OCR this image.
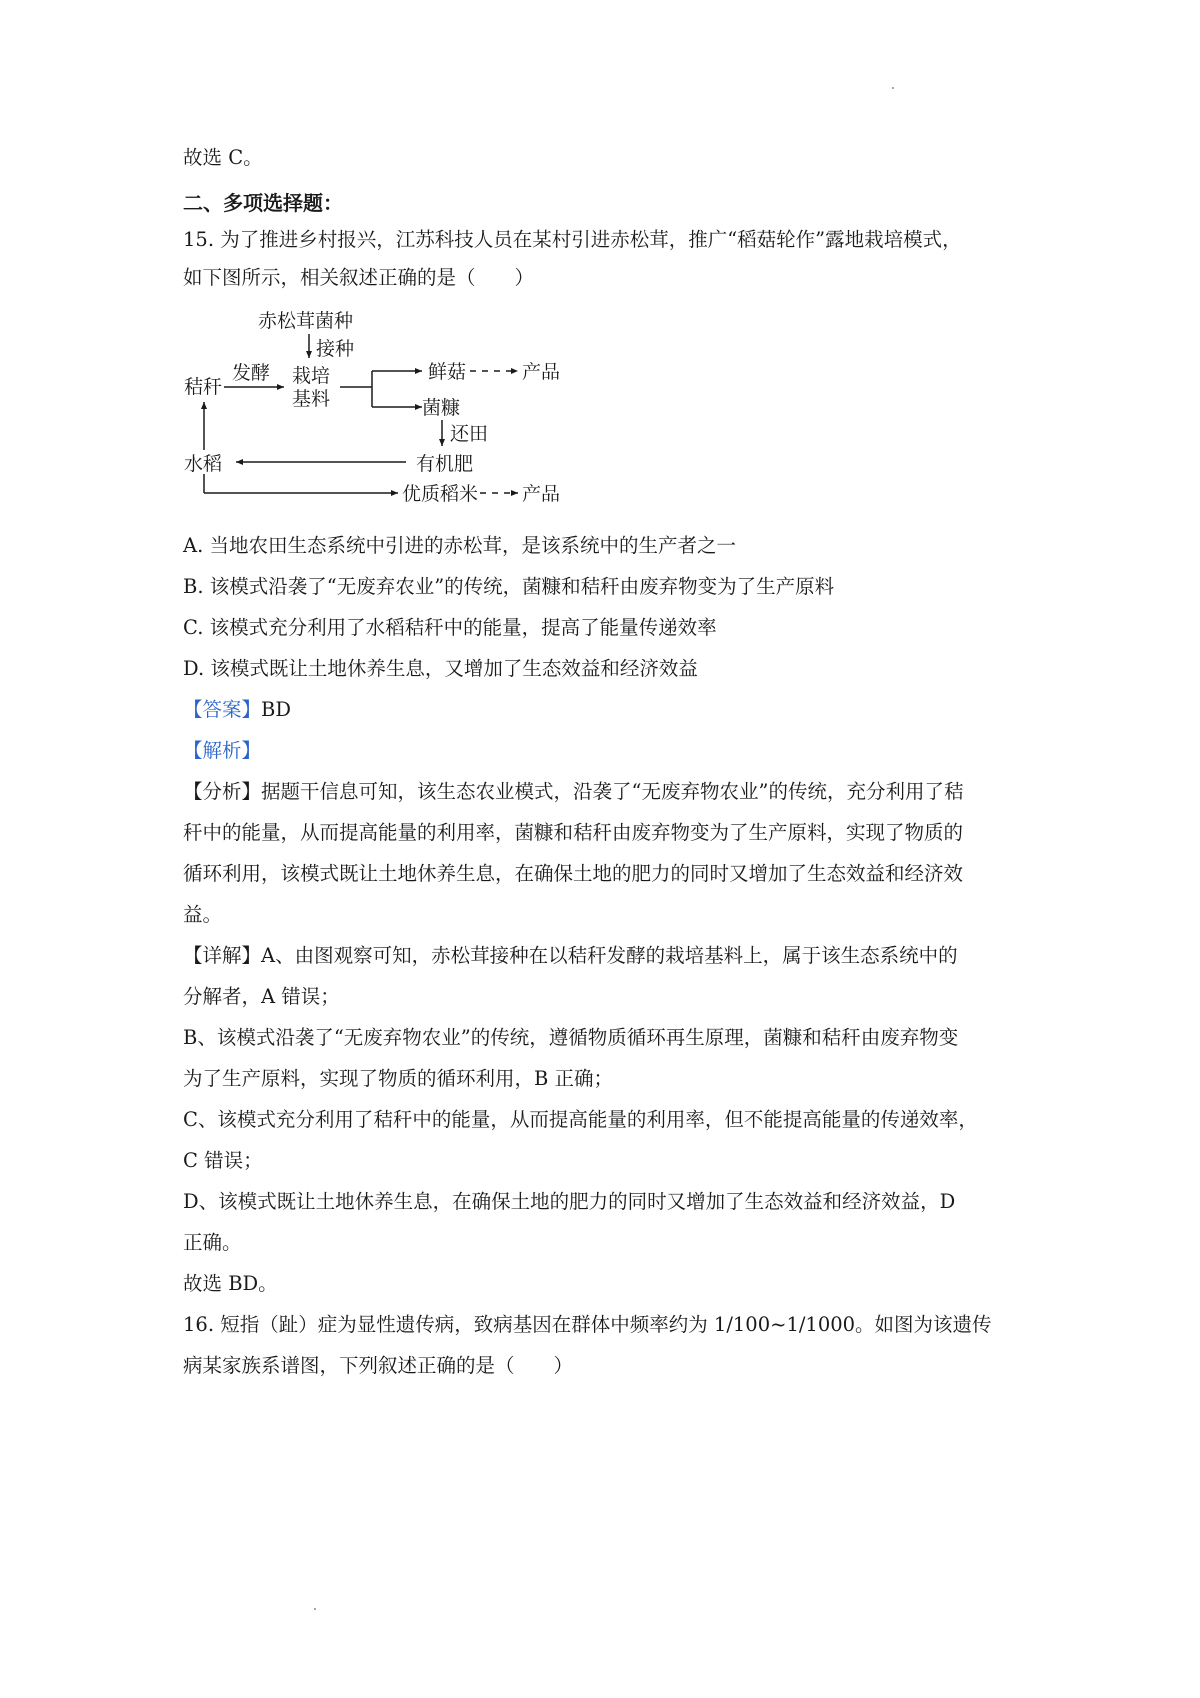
故选 C。
二、多项选择题：
15. 为了推进乡村报兴，江苏科技人员在某村引进赤松茸，推广“稻菇轮作”露地栽培模式，
如下图所示，相关叙述正确的是（　　）
赤松茸菌种
接种
发酵
秸秆	栽培
基料
鲜菇	产品
菌糠
还田
有机肥
水稻
优质稻米 产品
A. 当地农田生态系统中引进的赤松茸，是该系统中的生产者之一
B. 该模式沿袭了“无废弃农业”的传统，菌糠和秸秆由废弃物变为了生产原料
C. 该模式充分利用了水稻秸秆中的能量，提高了能量传递效率
D. 该模式既让土地休养生息，又增加了生态效益和经济效益
【答案】BD
【解析】
【分析】据题干信息可知，该生态农业模式，沿袭了“无废弃物农业”的传统，充分利用了秸
秆中的能量，从而提高能量的利用率，菌糠和秸秆由废弃物变为了生产原料，实现了物质的
循环利用，该模式既让土地休养生息，在确保土地的肥力的同时又增加了生态效益和经济效
益。
【详解】A、由图观察可知，赤松茸接种在以秸秆发酵的栽培基料上，属于该生态系统中的
分解者，A 错误；
B、该模式沿袭了“无废弃物农业”的传统，遵循物质循环再生原理，菌糠和秸秆由废弃物变
为了生产原料，实现了物质的循环利用，B 正确；
C、该模式充分利用了秸秆中的能量，从而提高能量的利用率，但不能提高能量的传递效率，
C 错误；
D、该模式既让土地休养生息，在确保土地的肥力的同时又增加了生态效益和经济效益，D
正确。
故选 BD。
16. 短指（趾）症为显性遗传病，致病基因在群体中频率约为 1/100~1/1000。如图为该遗传
病某家族系谱图，下列叙述正确的是（　　）
